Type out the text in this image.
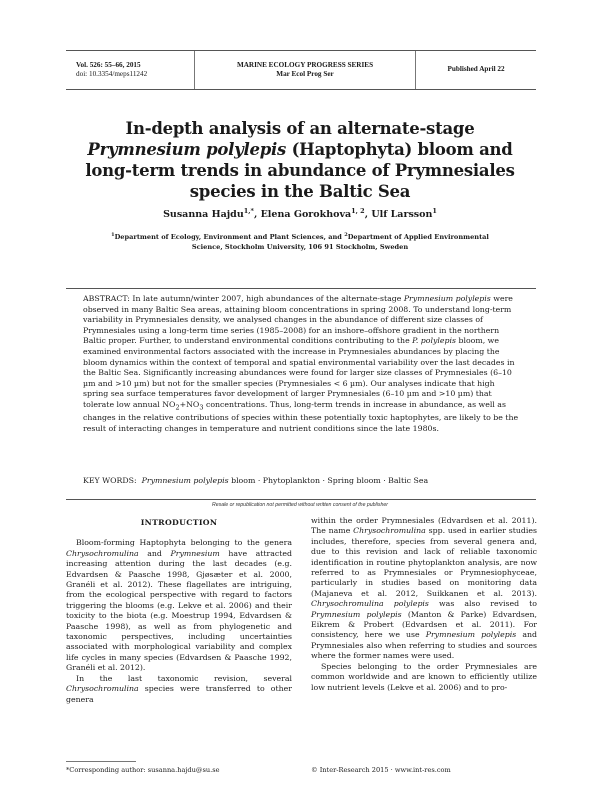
Vol. 526: 55–66, 2015
doi: 10.3354/meps11242
MARINE ECOLOGY PROGRESS SERIES
Mar Ecol Prog Ser
Published April 22
In-depth analysis of an alternate-stage Prymnesium polylepis (Haptophyta) bloom and long-term trends in abundance of Prymnesiales species in the Baltic Sea
Susanna Hajdu$^{1,*}$, Elena Gorokhova$^{1, 2}$, Ulf Larsson$^1$
$^1$Department of Ecology, Environment and Plant Sciences, and $^2$Department of Applied Environmental Science, Stockholm University, 106 91 Stockholm, Sweden
ABSTRACT: In late autumn/winter 2007, high abundances of the alternate-stage Prymnesium polylepis were observed in many Baltic Sea areas, attaining bloom concentrations in spring 2008. To understand long-term variability in Prymnesiales density, we analysed changes in the abundance of different size classes of Prymnesiales using a long-term time series (1985–2008) for an inshore–offshore gradient in the northern Baltic proper. Further, to understand environmental conditions contributing to the P. polylepis bloom, we examined environmental factors associated with the increase in Prymnesiales abundances by placing the bloom dynamics within the context of temporal and spatial environmental variability over the last decades in the Baltic Sea. Significantly increasing abundances were found for larger size classes of Prymnesiales (6–10 µm and >10 µm) but not for the smaller species (Prymnesiales < 6 µm). Our analyses indicate that high spring sea surface temperatures favor development of larger Prymnesiales (6–10 µm and >10 µm) that tolerate low annual $NO_2+NO_3$ concentrations. Thus, long-term trends in increase in abundance, as well as changes in the relative contributions of species within these potentially toxic haptophytes, are likely to be the result of interacting changes in temperature and nutrient conditions since the late 1980s.
KEY WORDS: Prymnesium polylepis bloom · Phytoplankton · Spring bloom · Baltic Sea
Resale or republication not permitted without written consent of the publisher
INTRODUCTION

Bloom-forming Haptophyta belonging to the genera Chrysochromulina and Prymnesium have attracted increasing attention during the last decades (e.g. Edvardsen & Paasche 1998, Gjøsæter et al. 2000, Granéli et al. 2012). These flagellates are intriguing, from the ecological perspective with regard to factors triggering the blooms (e.g. Lekve et al. 2006) and their toxicity to the biota (e.g. Moestrup 1994, Edvardsen & Paasche 1998), as well as from phylogenetic and taxonomic perspectives, including uncertainties associated with morphological variability and complex life cycles in many species (Edvardsen & Paasche 1992, Granéli et al. 2012).

In the last taxonomic revision, several Chrysochromulina species were transferred to other genera

within the order Prymnesiales (Edvardsen et al. 2011). The name Chrysochromulina spp. used in earlier studies includes, therefore, species from several genera and, due to this revision and lack of reliable taxonomic identification in routine phytoplankton analysis, are now referred to as Prymnesiales or Prymnesiophyceae, particularly in studies based on monitoring data (Majaneva et al. 2012, Suikkanen et al. 2013). Chrysochromulina polylepis was also revised to Prymnesium polylepis (Manton & Parke) Edvardsen, Eikrem & Probert (Edvardsen et al. 2011). For consistency, here we use Prymnesium polylepis and Prymnesiales also when referring to studies and sources where the former names were used.

Species belonging to the order Prymnesiales are common worldwide and are known to efficiently utilize low nutrient levels (Lekve et al. 2006) and to pro-

*Corresponding author: susanna.hajdu@su.se	© Inter-Research 2015 · www.int-res.com
